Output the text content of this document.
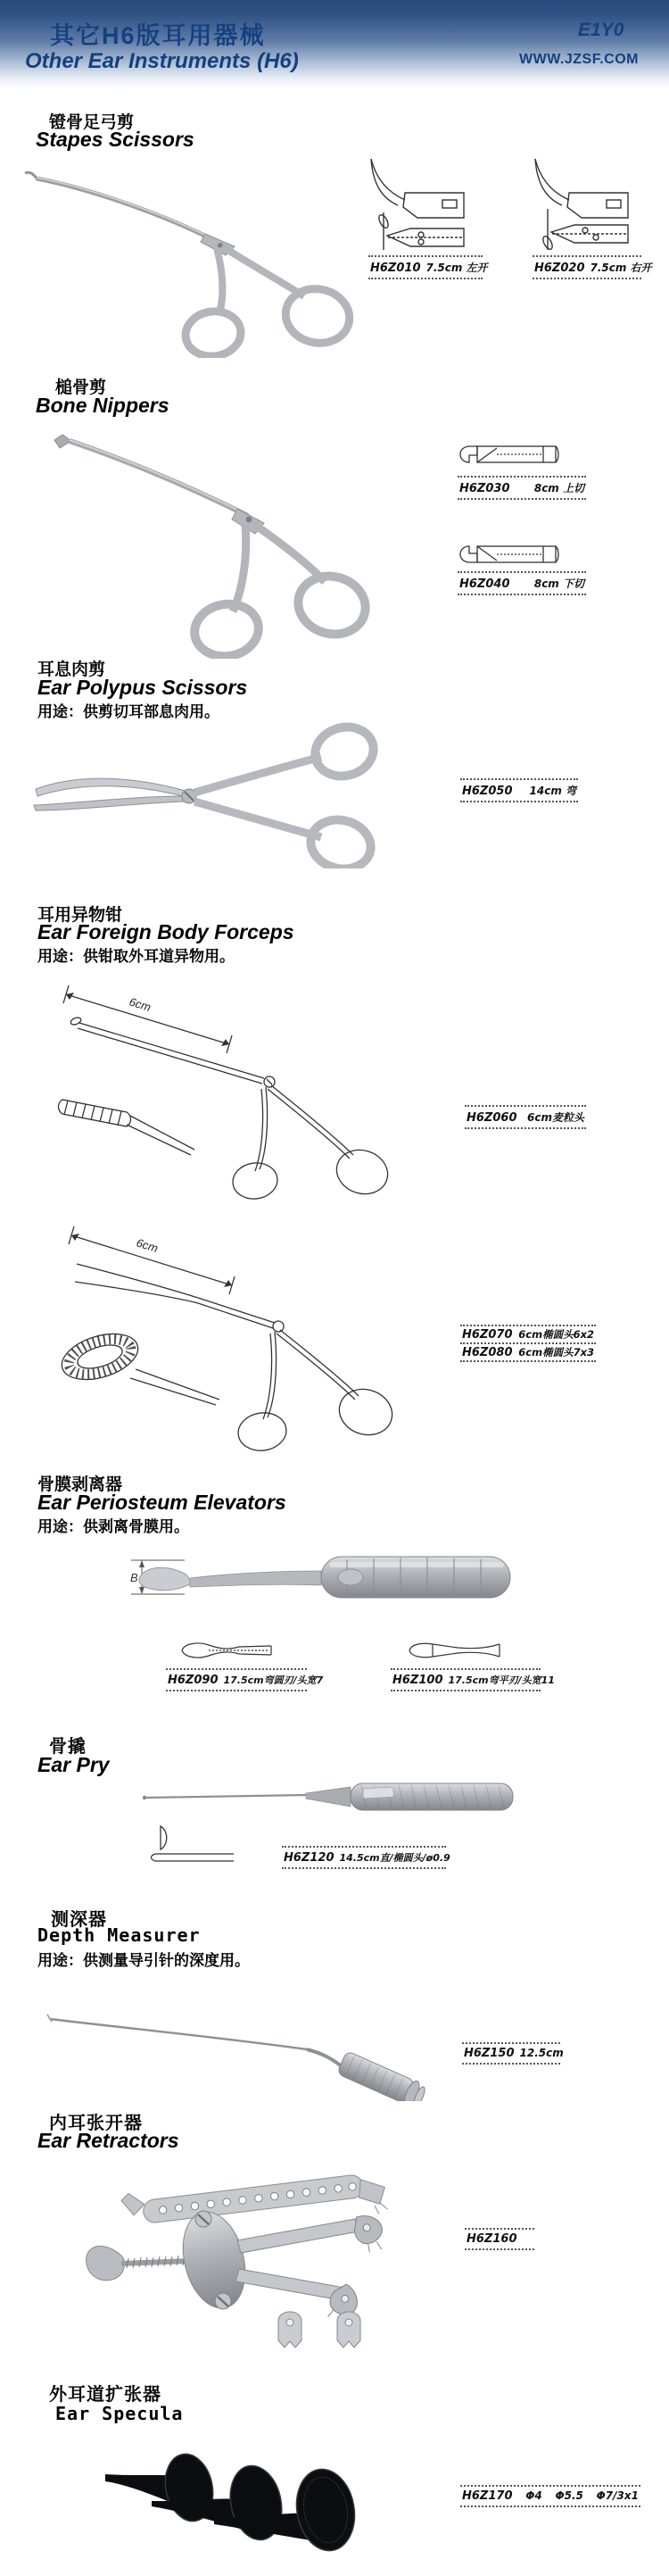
其它H6版耳用器械
Other Ear Instruments (H6)
E1Y0
WWW.JZSF.COM
镫骨足弓剪
Stapes Scissors
H6Z010 7.5cm 左开	H6Z020 7.5cm 右开
槌骨剪
Bone Nippers
H6Z030 8cm 上切
H6Z040 8cm 下切
耳息肉剪
Ear Polypus Scissors
用途：供剪切耳部息肉用。
H6Z050 14cm 弯
耳用异物钳
Ear Foreign Body Forceps
用途：供钳取外耳道异物用。
6cm
H6Z060 6cm麦粒头
6cm
H6Z070 6cm椭圆头6x2
H6Z080 6cm椭圆头7x3
骨膜剥离器
Ear Periosteum Elevators
用途：供剥离骨膜用。
B
H6Z090 17.5cm弯圆刃/头宽7	H6Z100 17.5cm弯平刃/头宽11
骨撬
Ear Pry
H6Z120 14.5cm直/椭圆头/ø0.9
测深器
Depth Measurer
用途：供测量导引针的深度用。
H6Z150 12.5cm
内耳张开器
Ear Retractors
H6Z160
外耳道扩张器
Ear Specula
H6Z170 Φ4 Φ5.5 Φ7/3x1
